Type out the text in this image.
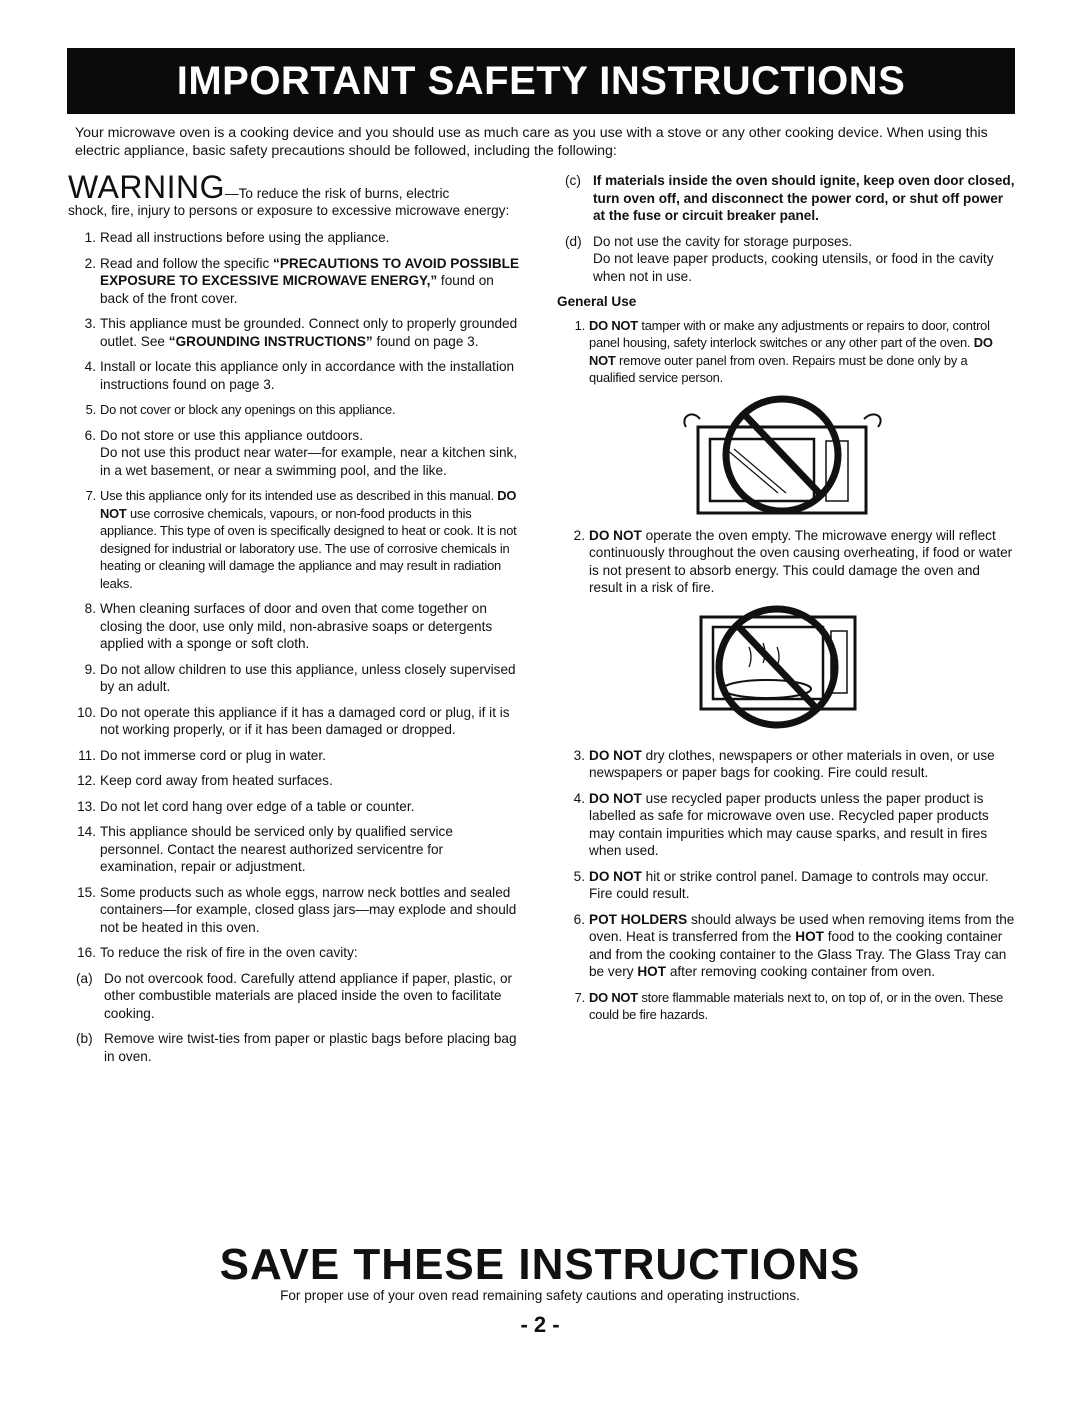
IMPORTANT SAFETY INSTRUCTIONS
Your microwave oven is a cooking device and you should use as much care as you use with a stove or any other cooking device. When using this electric appliance, basic safety precautions should be followed, including the following:
WARNING—To reduce the risk of burns, electric
shock, fire, injury to persons or exposure to excessive microwave energy:
1. Read all instructions before using the appliance.
2. Read and follow the specific “PRECAUTIONS TO AVOID POSSIBLE EXPOSURE TO EXCESSIVE MICROWAVE ENERGY,” found on back of the front cover.
3. This appliance must be grounded. Connect only to properly grounded outlet. See “GROUNDING INSTRUCTIONS” found on page 3.
4. Install or locate this appliance only in accordance with the installation instructions found on page 3.
5. Do not cover or block any openings on this appliance.
6. Do not store or use this appliance outdoors.
Do not use this product near water—for example, near a kitchen sink, in a wet basement, or near a swimming pool, and the like.
7. Use this appliance only for its intended use as described in this manual. DO NOT use corrosive chemicals, vapours, or non-food products in this appliance. This type of oven is specifically designed to heat or cook. It is not designed for industrial or laboratory use. The use of corrosive chemicals in heating or cleaning will damage the appliance and may result in radiation leaks.
8. When cleaning surfaces of door and oven that come together on closing the door, use only mild, non-abrasive soaps or detergents applied with a sponge or soft cloth.
9. Do not allow children to use this appliance, unless closely supervised by an adult.
10. Do not operate this appliance if it has a damaged cord or plug, if it is not working properly, or if it has been damaged or dropped.
11. Do not immerse cord or plug in water.
12. Keep cord away from heated surfaces.
13. Do not let cord hang over edge of a table or counter.
14. This appliance should be serviced only by qualified service personnel. Contact the nearest authorized servicentre for examination, repair or adjustment.
15. Some products such as whole eggs, narrow neck bottles and sealed containers—for example, closed glass jars—may explode and should not be heated in this oven.
16. To reduce the risk of fire in the oven cavity:
(a) Do not overcook food. Carefully attend appliance if paper, plastic, or other combustible materials are placed inside the oven to facilitate cooking.
(b) Remove wire twist-ties from paper or plastic bags before placing bag in oven.
(c) If materials inside the oven should ignite, keep oven door closed, turn oven off, and disconnect the power cord, or shut off power at the fuse or circuit breaker panel.
(d) Do not use the cavity for storage purposes.
Do not leave paper products, cooking utensils, or food in the cavity when not in use.
General Use
1. DO NOT tamper with or make any adjustments or repairs to door, control panel housing, safety interlock switches or any other part of the oven. DO NOT remove outer panel from oven. Repairs must be done only by a qualified service person.
2. DO NOT operate the oven empty. The microwave energy will reflect continuously throughout the oven causing overheating, if food or water is not present to absorb energy. This could damage the oven and result in a risk of fire.
3. DO NOT dry clothes, newspapers or other materials in oven, or use newspapers or paper bags for cooking. Fire could result.
4. DO NOT use recycled paper products unless the paper product is labelled as safe for microwave oven use. Recycled paper products may contain impurities which may cause sparks, and result in fires when used.
5. DO NOT hit or strike control panel. Damage to controls may occur. Fire could result.
6. POT HOLDERS should always be used when removing items from the oven. Heat is transferred from the HOT food to the cooking container and from the cooking container to the Glass Tray. The Glass Tray can be very HOT after removing cooking container from oven.
7. DO NOT store flammable materials next to, on top of, or in the oven. These could be fire hazards.
SAVE THESE INSTRUCTIONS
For proper use of your oven read remaining safety cautions and operating instructions.
- 2 -
